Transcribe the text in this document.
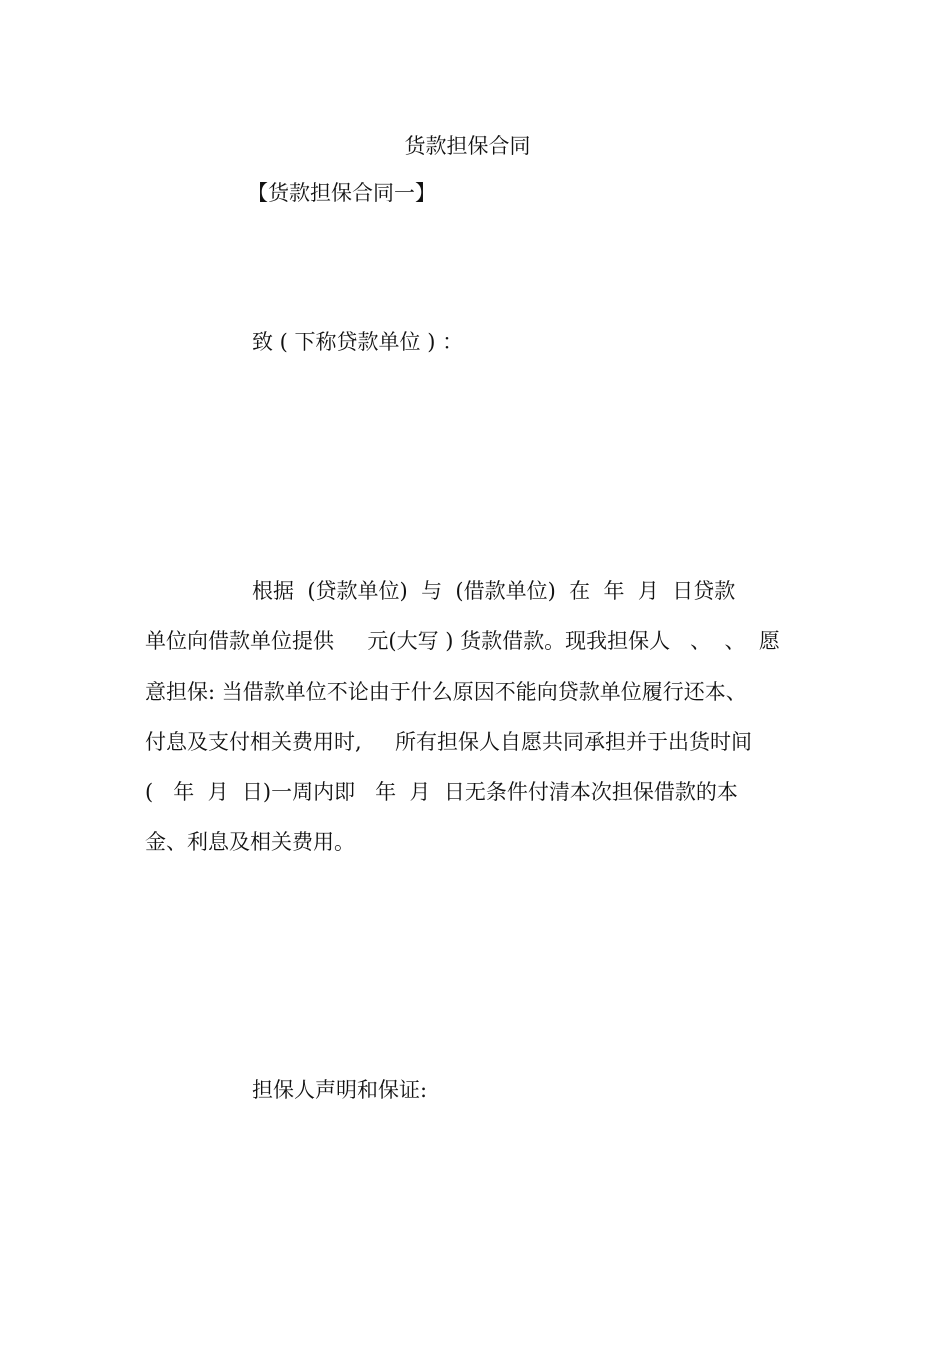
货款担保合同
【货款担保合同一】
致 ( 下称贷款单位 ) ：
根据  (贷款单位)  与  (借款单位)  在  年  月  日贷款
单位向借款单位提供     元(大写 ) 货款借款。现我担保人   、  、  愿
意担保: 当借款单位不论由于什么原因不能向贷款单位履行还本、
付息及支付相关费用时,     所有担保人自愿共同承担并于出货时间
(   年  月  日)一周内即   年  月  日无条件付清本次担保借款的本
金、利息及相关费用。
担保人声明和保证:
